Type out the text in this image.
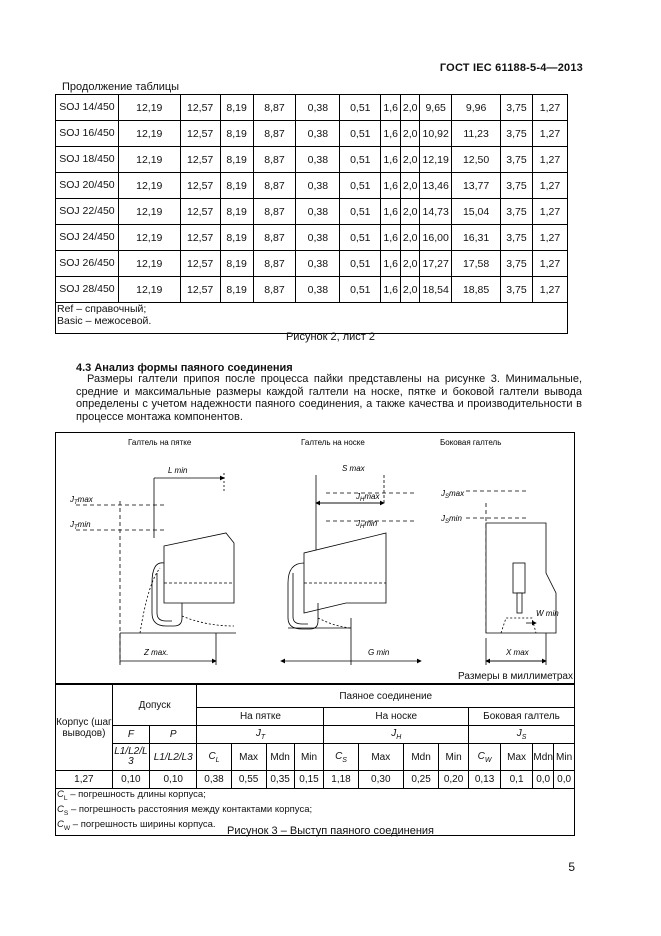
ГОСТ IEC 61188-5-4—2013
Продолжение таблицы
SOJ 14/450	12,19	12,57	8,19	8,87	0,38	0,51	1,6	2,0	9,65	9,96	3,75	1,27
SOJ 16/450	12,19	12,57	8,19	8,87	0,38	0,51	1,6	2,0	10,92	11,23	3,75	1,27
SOJ 18/450	12,19	12,57	8,19	8,87	0,38	0,51	1,6	2,0	12,19	12,50	3,75	1,27
SOJ 20/450	12,19	12,57	8,19	8,87	0,38	0,51	1,6	2,0	13,46	13,77	3,75	1,27
SOJ 22/450	12,19	12,57	8,19	8,87	0,38	0,51	1,6	2,0	14,73	15,04	3,75	1,27
SOJ 24/450	12,19	12,57	8,19	8,87	0,38	0,51	1,6	2,0	16,00	16,31	3,75	1,27
SOJ 26/450	12,19	12,57	8,19	8,87	0,38	0,51	1,6	2,0	17,27	17,58	3,75	1,27
SOJ 28/450	12,19	12,57	8,19	8,87	0,38	0,51	1,6	2,0	18,54	18,85	3,75	1,27

Ref – справочный;
Basic – межосевой.												
Рисунок 2, лист 2
4.3 Анализ формы паяного соединения
Размеры галтели припоя после процесса пайки представлены на рисунке 3. Минимальные, средние и максимальные размеры каждой галтели на носке, пятке и боковой галтели вывода определены с учетом надежности паяного соединения, а также качества и производительности в процессе монтажа компонентов.
Галтель на пятке	Галтель на носке	Боковая галтель
L min
$J_T\max$
$J_T\min$
Z max.
S max
$J_H\max$
$J_H\min$
G min
$J_S\max$
$J_S\min$
W min
X max
Размеры в миллиметрах
Корпус (шаг выводов)	Допуск		Паяное соединение											
			На пятке				На носке				Боковая галтель			
	F	P	$J_T$				$J_H$				$J_S$
	L1/L2/L3	L1/L2/L3	$C_L$	Max	Mdn	Min	$C_S$	Max	Mdn	Min	$C_W$	Max	Mdn	Min
1,27	0,10	0,10	0,38	0,55	0,35	0,15	1,18	0,30	0,25	0,20	0,13	0,1	0,0	0,0

$C_L$ – погрешность длины корпуса;
$C_S$ – погрешность расстояния между контактами корпуса;
$C_W$ – погрешность ширины корпуса.														
Рисунок 3 – Выступ паяного соединения
5
